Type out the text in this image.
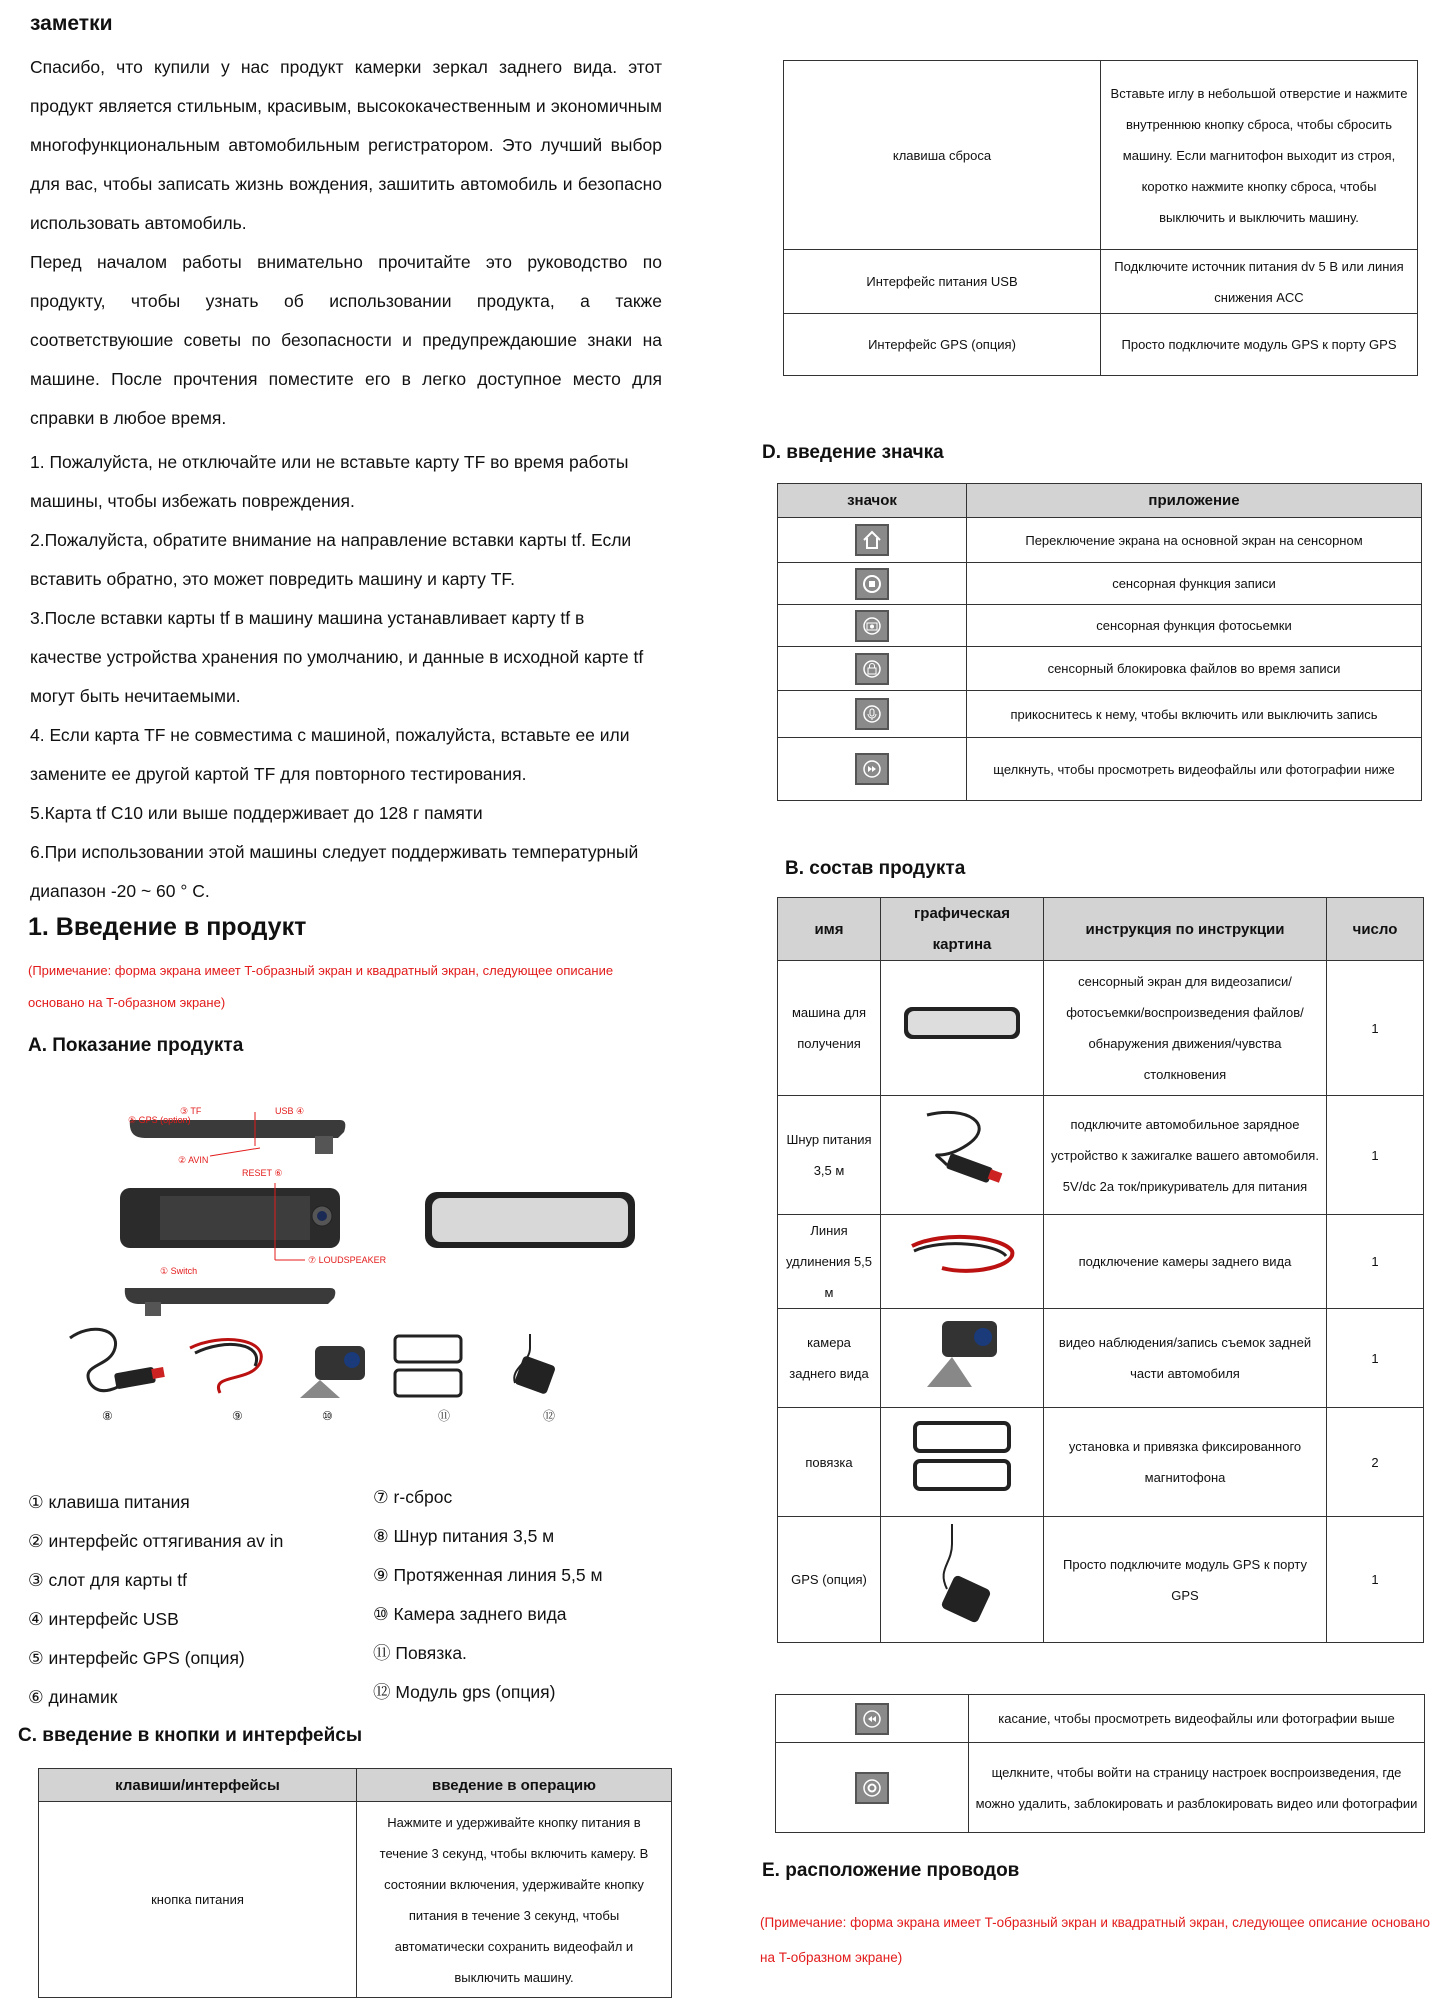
заметки
Спасибо, что купили у нас продукт камерки зеркал заднего вида. этот продукт является стильным, красивым, высококачественным и экономичным многофункциональным автомобильным регистратором. Это лучший выбор для вас, чтобы записать жизнь вождения, зашитить автомобиль и безопасно использовать автомобиль.
Перед началом работы внимательно прочитайте это руководство по продукту, чтобы узнать об использовании продукта, а также соответствуюшие советы по безопасности и предупреждаюшие знаки на машине. После прочтения поместите его в легко доступное место для справки в любое время.
1. Пожалуйста, не отключайте или не вставьте карту TF во время работы
машины, чтобы избежать повреждения.
2.Пожалуйста, обратите внимание на направление вставки карты tf. Если
вставить обратно, это может повредить машину и карту TF.
3.После вставки карты tf в машину машина устанавливает карту tf в
качестве устройства хранения по умолчанию, и данные в исходной карте tf
могут быть нечитаемыми.
4. Если карта TF не совместима с машиной, пожалуйста, вставьте ее или
замените ее другой картой TF для повторного тестирования.
5.Карта tf C10 или выше поддерживает до 128 г памяти
6.При использовании этой машины следует поддерживать температурный
диапазон -20 ~ 60 ° C.
1. Введение в продукт
(Примечание: форма экрана имеет T-образный экран и квадратный экран, следующее описание основано на T-образном экране)
A. Показание продукта
⑤ GPS (option)
③ TF	USB ④
② AVIN
RESET ⑥
⑦ LOUDSPEAKER
① Switch
⑧	⑨	⑩	⑪	⑫
① клавиша питания
② интерфейс оттягивания av in
③ слот для карты tf
④ интерфейс USB
⑤ интерфейс GPS (опция)
⑥ динамик
⑦ r-сброс
⑧ Шнур питания 3,5 м
⑨ Протяженная линия 5,5 м
⑩ Камера заднего вида
⑪ Повязка.
⑫ Модуль gps (опция)
C. введение в кнопки и интерфейсы
клавиши/интерфейсы	введение в операцию
кнопка питания	Нажмите и удерживайте кнопку питания в течение 3 секунд, чтобы включить камеру. В состоянии включения, удерживайте кнопку питания в течение 3 секунд, чтобы автоматически сохранить видеофайл и выключить машину.
клавиша сброса	Вставьте иглу в небольшой отверстие и нажмите внутреннюю кнопку сброса, чтобы сбросить машину. Если магнитофон выходит из строя, коротко нажмите кнопку сброса, чтобы выключить и выключить машину.
Интерфейс питания USB	Подключите источник питания dv 5 В или линия снижения ACC
Интерфейс GPS (опция)	Просто подключите модуль GPS к порту GPS
D. введение значка
значок	приложение

	Переключение экрана на основной экран на сенсорном

	сенсорная функция записи

	сенсорная функция фотосьемки

	сенсорный блокировка файлов во время записи

	прикоснитесь к нему, чтобы включить или выключить запись

	щелкнуть, чтобы просмотреть видеофайлы или фотографии ниже
B. состав продукта
имя	графическая картина	инструкция по инструкции	число
машина для получения		сенсорный экран для видеозаписи/фотосъемки/воспроизведения файлов/обнаружения движения/чувства столкновения	1
Шнур питания 3,5 м		подключите автомобильное зарядное устройство к зажигалке вашего автомобиля. 5V/dc 2a ток/прикуриватель для питания	1
Линия удлинения 5,5 м		подключение камеры заднего вида	1
камера заднего вида		видео наблюдения/запись съемок задней части автомобиля	1
повязка		установка и привязка фиксированного магнитофона	2
GPS (опция)		Просто подключите модуль GPS к порту GPS	1
	касание, чтобы просмотреть видеофайлы или фотографии выше

	щелкните, чтобы войти на страницу настроек воспроизведения, где можно удалить, заблокировать и разблокировать видео или фотографии
E. расположение проводов
(Примечание: форма экрана имеет T-образный экран и квадратный экран, следующее описание основано на T-образном экране)
